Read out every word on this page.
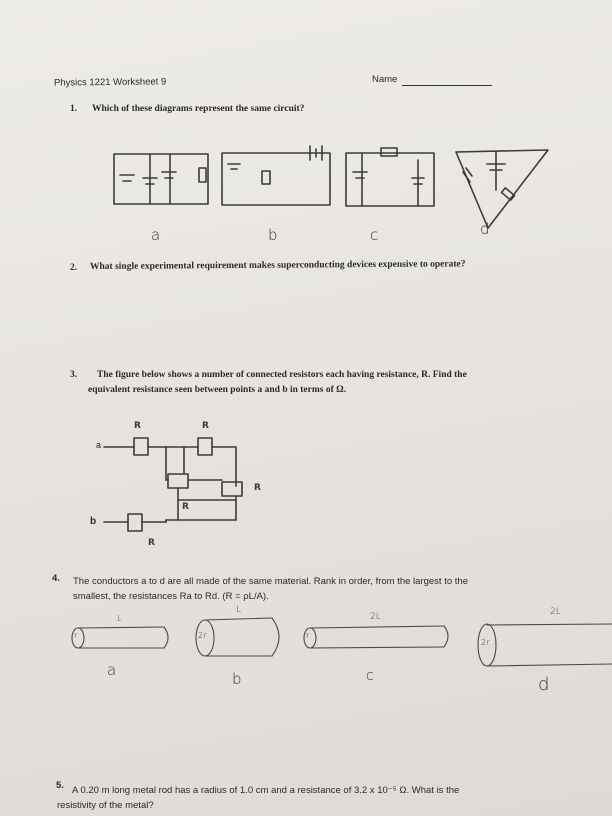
Physics 1221 Worksheet 9	Name
1. Which of these diagrams represent the same circuit?
a	b	c	d
2. What single experimental requirement makes superconducting devices expensive to operate?
3. The figure below shows a number of connected resistors each having resistance, R. Find the
equivalent resistance seen between points a and b in terms of Ω.
a
b
R	R
R
R
R
4. The conductors a to d are all made of the same material. Rank in order, from the largest to the
smallest, the resistances Ra to Rd. (R = ρL/A).
L
L
2L	2L
r	2r	r
2r
a	b	c	d
5. A 0.20 m long metal rod has a radius of 1.0 cm and a resistance of 3.2 x 10⁻⁵ Ω. What is the
resistivity of the metal?
